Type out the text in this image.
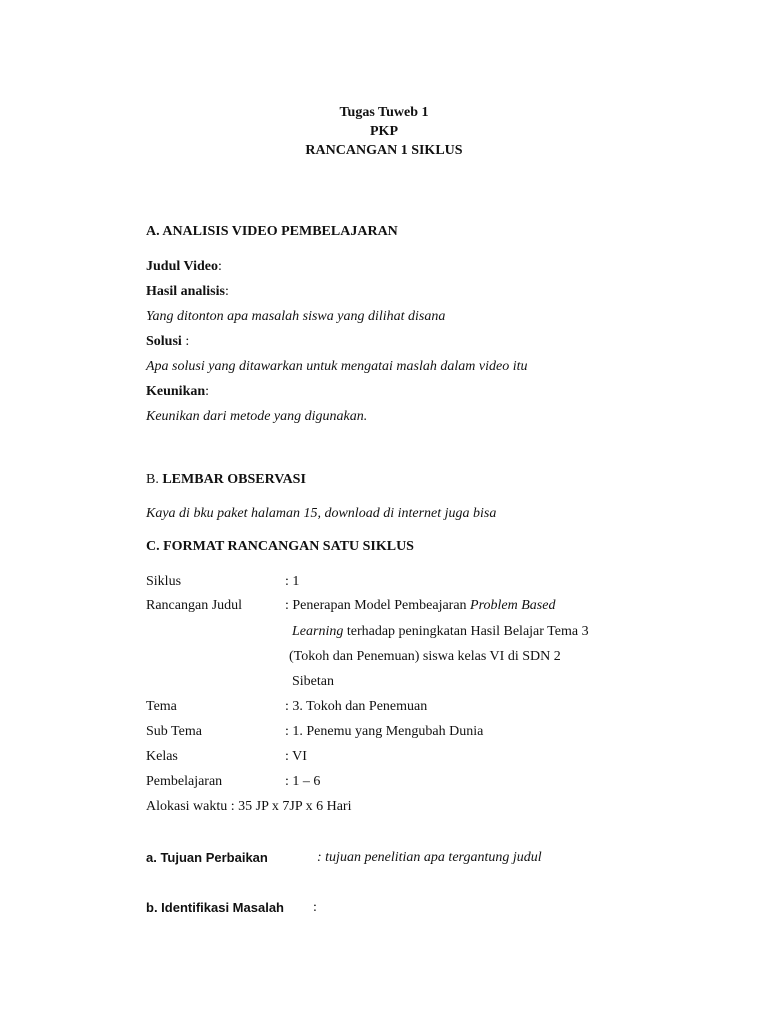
Tugas Tuweb 1
PKP
RANCANGAN 1 SIKLUS
A. ANALISIS VIDEO PEMBELAJARAN
Judul Video:
Hasil analisis:
Yang ditonton apa masalah siswa yang dilihat disana
Solusi :
Apa solusi yang ditawarkan untuk mengatai maslah dalam video itu
Keunikan:
Keunikan dari metode yang digunakan.
B. LEMBAR OBSERVASI
Kaya di bku paket halaman 15, download di internet juga bisa
C. FORMAT RANCANGAN SATU SIKLUS
Siklus	: 1
Rancangan Judul	: Penerapan Model Pembeajaran Problem Based
Learning terhadap peningkatan Hasil Belajar Tema 3
(Tokoh dan Penemuan) siswa kelas VI di SDN 2
Sibetan
Tema	: 3. Tokoh dan Penemuan
Sub Tema	: 1. Penemu yang Mengubah Dunia
Kelas	: VI
Pembelajaran	: 1 – 6
Alokasi waktu : 35 JP x 7JP x 6 Hari
a. Tujuan Perbaikan	: tujuan penelitian apa tergantung judul
b. Identifikasi Masalah :
